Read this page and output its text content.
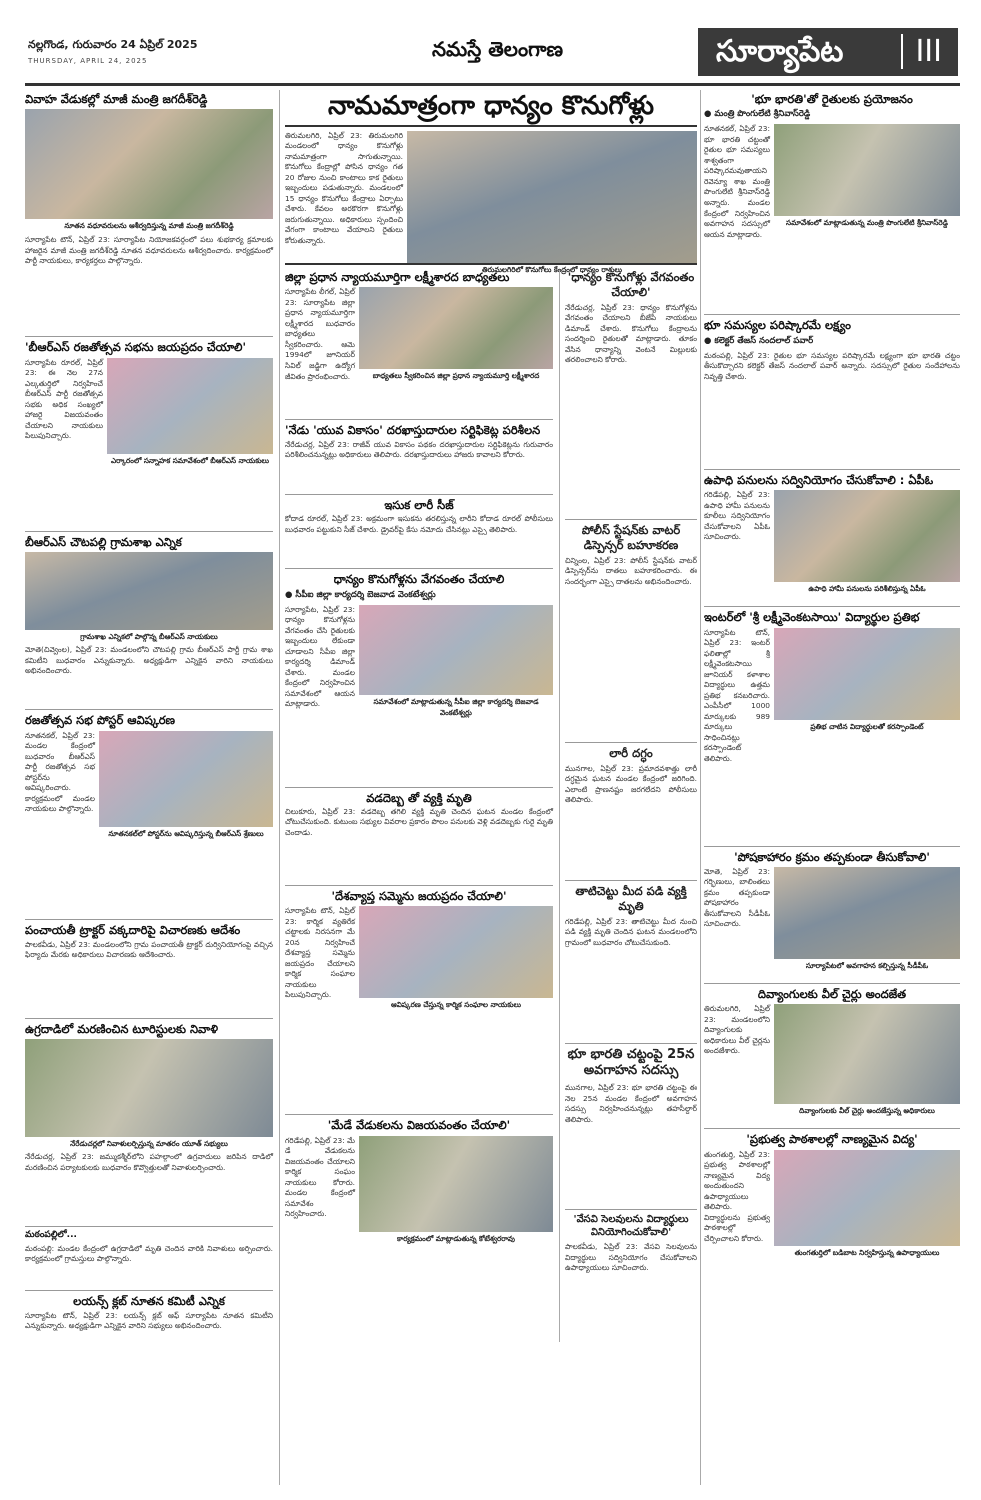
నల్లగొండ, గురువారం 24 ఏప్రిల్ 2025
THURSDAY, APRIL 24, 2025	నమస్తే తెలంగాణ	సూర్యాపేట	III
వివాహ వేడుకల్లో మాజీ మంత్రి జగదీశ్‌రెడ్డి
నూతన వధూవరులను ఆశీర్వదిస్తున్న మాజీ మంత్రి జగదీశ్‌రెడ్డి
సూర్యాపేట టౌన్, ఏప్రిల్ 23: సూర్యాపేట నియోజకవర్గంలో పలు శుభకార్య క్రమాలకు హాజరైన మాజీ మంత్రి జగదీశ్‌రెడ్డి నూతన వధూవరులను ఆశీర్వదించారు. కార్యక్రమంలో పార్టీ నాయకులు, కార్యకర్తలు పాల్గొన్నారు.
'బీఆర్‌ఎస్ రజతోత్సవ సభను జయప్రదం చేయాలి'
సూర్యాపేట రూరల్, ఏప్రిల్ 23: ఈ నెల 27న ఎల్కతుర్తిలో నిర్వహించే బీఆర్‌ఎస్ పార్టీ రజతోత్సవ సభకు అధిక సంఖ్యలో హాజరై విజయవంతం చేయాలని నాయకులు పిలుపునిచ్చారు.
ఎర్కారంలో సన్నాహక సమావేశంలో బీఆర్‌ఎస్ నాయకులు
బీఆర్‌ఎస్ చౌటపల్లి గ్రామశాఖ ఎన్నిక
గ్రామశాఖ ఎన్నికలో పాల్గొన్న బీఆర్‌ఎస్ నాయకులు
మోతె(చివ్వెంల), ఏప్రిల్ 23: మండలంలోని చౌటపల్లి గ్రామ బీఆర్‌ఎస్ పార్టీ గ్రామ శాఖ కమిటీని బుధవారం ఎన్నుకున్నారు. అధ్యక్షుడిగా ఎన్నికైన వారిని నాయకులు అభినందించారు.
రజతోత్సవ సభ పోస్టర్ ఆవిష్కరణ
నూతనకల్, ఏప్రిల్ 23: మండల కేంద్రంలో బుధవారం బీఆర్‌ఎస్ పార్టీ రజతోత్సవ సభ పోస్టర్‌ను ఆవిష్కరించారు. కార్యక్రమంలో మండల నాయకులు పాల్గొన్నారు.
నూతనకల్‌లో పోస్టర్‌ను ఆవిష్కరిస్తున్న బీఆర్‌ఎస్ శ్రేణులు
పంచాయతీ ట్రాక్టర్ వక్కదారిపై విచారణకు ఆదేశం
పాలకవీడు, ఏప్రిల్ 23: మండలంలోని గ్రామ పంచాయతీ ట్రాక్టర్ దుర్వినియోగంపై వచ్చిన ఫిర్యాదు మేరకు అధికారులు విచారణకు ఆదేశించారు.
ఉగ్రదాడిలో మరణించిన టూరిస్టులకు నివాళి
నేరేడుచర్లలో నివాళులర్పిస్తున్న మాతరం యూత్ సభ్యులు
నేరేడుచర్ల, ఏప్రిల్ 23: జమ్ముకశ్మీర్‌లోని పహల్గాంలో ఉగ్రవాదులు జరిపిన దాడిలో మరణించిన పర్యాటకులకు బుధవారం కొవ్వొత్తులతో నివాళులర్పించారు.
మఠంపల్లిలో...
మఠంపల్లి: మండల కేంద్రంలో ఉగ్రదాడిలో మృతి చెందిన వారికి నివాళులు అర్పించారు. కార్యక్రమంలో గ్రామస్తులు పాల్గొన్నారు.
లయన్స్ క్లబ్ నూతన కమిటీ ఎన్నిక
సూర్యాపేట టౌన్, ఏప్రిల్ 23: లయన్స్ క్లబ్ ఆఫ్ సూర్యాపేట నూతన కమిటీని ఎన్నుకున్నారు. అధ్యక్షుడిగా ఎన్నికైన వారిని సభ్యులు అభినందించారు.
నామమాత్రంగా ధాన్యం కొనుగోళ్లు
తిరుమలగిరి, ఏప్రిల్ 23: తిరుమలగిరి మండలంలో ధాన్యం కొనుగోళ్లు నామమాత్రంగా సాగుతున్నాయి. కొనుగోలు కేంద్రాల్లో పోసిన ధాన్యం గత 20 రోజుల నుంచి కాంటాలు కాక రైతులు ఇబ్బందులు పడుతున్నారు. మండలంలో 15 ధాన్యం కొనుగోలు కేంద్రాలు ఏర్పాటు చేశారు. కేవలం అరకొరగా కొనుగోళ్లు జరుగుతున్నాయి. అధికారులు స్పందించి వేగంగా కాంటాలు వేయాలని రైతులు కోరుతున్నారు.
తిరుమలగిరిలో కొనుగోలు కేంద్రంలో ధాన్యం రాశులు
జిల్లా ప్రధాన న్యాయమూర్తిగా లక్ష్మీశారద బాధ్యతలు
సూర్యాపేట లీగల్, ఏప్రిల్ 23: సూర్యాపేట జిల్లా ప్రధాన న్యాయమూర్తిగా లక్ష్మీశారద బుధవారం బాధ్యతలు స్వీకరించారు. ఆమె 1994లో జూనియర్ సివిల్ జడ్జిగా ఉద్యోగ జీవితం ప్రారంభించారు.	బాధ్యతలు స్వీకరించిన జిల్లా ప్రధాన న్యాయమూర్తి లక్ష్మీశారద
'నేడు 'యువ వికాసం' దరఖాస్తుదారుల సర్టిఫికెట్ల పరిశీలన
నేరేడుచర్ల, ఏప్రిల్ 23: రాజీవ్ యువ వికాసం పథకం దరఖాస్తుదారుల సర్టిఫికెట్లను గురువారం పరిశీలించనున్నట్లు అధికారులు తెలిపారు. దరఖాస్తుదారులు హాజరు కావాలని కోరారు.
ఇసుక లారీ సీజ్
కోదాడ రూరల్, ఏప్రిల్ 23: అక్రమంగా ఇసుకను తరలిస్తున్న లారీని కోదాడ రూరల్ పోలీసులు బుధవారం పట్టుకుని సీజ్ చేశారు. డ్రైవర్‌పై కేసు నమోదు చేసినట్లు ఎస్సై తెలిపారు.
ధాన్యం కొనుగోళ్లను వేగవంతం చేయాలి
● సీపీఐ జిల్లా కార్యదర్శి బెజవాడ వెంకటేశ్వర్లు
సూర్యాపేట, ఏప్రిల్ 23: ధాన్యం కొనుగోళ్లను వేగవంతం చేసి రైతులకు ఇబ్బందులు లేకుండా చూడాలని సీపీఐ జిల్లా కార్యదర్శి డిమాండ్ చేశారు. మండల కేంద్రంలో నిర్వహించిన సమావేశంలో ఆయన మాట్లాడారు.	సమావేశంలో మాట్లాడుతున్న సీపీఐ జిల్లా కార్యదర్శి బెజవాడ వెంకటేశ్వర్లు
వడదెబ్బ తో వ్యక్తి మృతి
చిలుకూరు, ఏప్రిల్ 23: వడదెబ్బ తగిలి వ్యక్తి మృతి చెందిన ఘటన మండల కేంద్రంలో చోటుచేసుకుంది. కుటుంబ సభ్యుల వివరాల ప్రకారం పొలం పనులకు వెళ్లి వడదెబ్బకు గురై మృతి చెందాడు.
'దేశవ్యాప్త సమ్మెను జయప్రదం చేయాలి'
సూర్యాపేట టౌన్, ఏప్రిల్ 23: కార్మిక వ్యతిరేక చట్టాలకు నిరసనగా మే 20న నిర్వహించే దేశవ్యాప్త సమ్మెను జయప్రదం చేయాలని కార్మిక సంఘాల నాయకులు పిలుపునిచ్చారు.
ఆవిష్కరణ చేస్తున్న కార్మిక సంఘాల నాయకులు
'మేడే వేడుకలను విజయవంతం చేయాలి'
గరిడేపల్లి, ఏప్రిల్ 23: మే డే వేడుకలను విజయవంతం చేయాలని కార్మిక సంఘం నాయకులు కోరారు. మండల కేంద్రంలో సమావేశం నిర్వహించారు.
కార్యక్రమంలో మాట్లాడుతున్న కోటేశ్వరరావు
'ధాన్యం కొనుగోళ్లు వేగవంతం చేయాలి'
నేరేడుచర్ల, ఏప్రిల్ 23: ధాన్యం కొనుగోళ్లను వేగవంతం చేయాలని బీజేపీ నాయకులు డిమాండ్ చేశారు. కొనుగోలు కేంద్రాలను సందర్శించి రైతులతో మాట్లాడారు. తూకం వేసిన ధాన్యాన్ని వెంటనే మిల్లులకు తరలించాలని కోరారు.
పోలీస్ స్టేషన్‌కు వాటర్ డిస్పెన్సర్ బహూకరణ
చిన్నింల, ఏప్రిల్ 23: పోలీస్ స్టేషన్‌కు వాటర్ డిస్పెన్సర్‌ను దాతలు బహూకరించారు. ఈ సందర్భంగా ఎస్సై దాతలను అభినందించారు.
లారీ దగ్ధం
మునగాల, ఏప్రిల్ 23: ప్రమాదవశాత్తు లారీ దగ్ధమైన ఘటన మండల కేంద్రంలో జరిగింది. ఎలాంటి ప్రాణనష్టం జరగలేదని పోలీసులు తెలిపారు.
తాటిచెట్టు మీద పడి వ్యక్తి మృతి
గరిడేపల్లి, ఏప్రిల్ 23: తాటిచెట్టు మీద నుంచి పడి వ్యక్తి మృతి చెందిన ఘటన మండలంలోని గ్రామంలో బుధవారం చోటుచేసుకుంది.
భూ భారతి చట్టంపై 25న అవగాహన సదస్సు
మునగాల, ఏప్రిల్ 23: భూ భారతి చట్టంపై ఈ నెల 25న మండల కేంద్రంలో అవగాహన సదస్సు నిర్వహించనున్నట్లు తహసీల్దార్ తెలిపారు.
'వేసవి సెలవులను విద్యార్థులు వినియోగించుకోవాలి'
పాలకవీడు, ఏప్రిల్ 23: వేసవి సెలవులను విద్యార్థులు సద్వినియోగం చేసుకోవాలని ఉపాధ్యాయులు సూచించారు.
'భూ భారతి'తో రైతులకు ప్రయోజనం
● మంత్రి పొంగులేటి శ్రీనివాస్‌రెడ్డి
నూతనకల్, ఏప్రిల్ 23: భూ భారతి చట్టంతో రైతుల భూ సమస్యలు శాశ్వతంగా పరిష్కారమవుతాయని రెవెన్యూ శాఖ మంత్రి పొంగులేటి శ్రీనివాస్‌రెడ్డి అన్నారు. మండల కేంద్రంలో నిర్వహించిన అవగాహన సదస్సులో ఆయన మాట్లాడారు.
సమావేశంలో మాట్లాడుతున్న మంత్రి పొంగులేటి శ్రీనివాస్‌రెడ్డి
భూ సమస్యల పరిష్కారమే లక్ష్యం
● కలెక్టర్ తేజస్ నందలాల్ పవార్
మఠంపల్లి, ఏప్రిల్ 23: రైతుల భూ సమస్యల పరిష్కారమే లక్ష్యంగా భూ భారతి చట్టం తీసుకొచ్చారని కలెక్టర్ తేజస్ నందలాల్ పవార్ అన్నారు. సదస్సులో రైతుల సందేహాలను నివృత్తి చేశారు.
ఉపాధి పనులను సద్వినియోగం చేసుకోవాలి : ఏపీఓ
గరిడేపల్లి, ఏప్రిల్ 23: ఉపాధి హామీ పనులను కూలీలు సద్వినియోగం చేసుకోవాలని ఏపీఓ సూచించారు.
ఉపాధి హామీ పనులను పరిశీలిస్తున్న ఏపీఓ
ఇంటర్‌లో 'శ్రీ లక్ష్మీవెంకటసాయి' విద్యార్థుల ప్రతిభ
సూర్యాపేట టౌన్, ఏప్రిల్ 23: ఇంటర్ ఫలితాల్లో శ్రీ లక్ష్మీవెంకటసాయి జూనియర్ కళాశాల విద్యార్థులు ఉత్తమ ప్రతిభ కనబరిచారు. ఎంపీసీలో 1000 మార్కులకు 989 మార్కులు సాధించినట్లు కరస్పాండెంట్ తెలిపారు.
ప్రతిభ చాటిన విద్యార్థులతో కరస్పాండెంట్
'పోషకాహారం క్రమం తప్పకుండా తీసుకోవాలి'
మోతె, ఏప్రిల్ 23: గర్భిణులు, బాలింతలు క్రమం తప్పకుండా పోషకాహారం తీసుకోవాలని సీడీపీఓ సూచించారు.
సూర్యాపేటలో అవగాహన కల్పిస్తున్న సీడీపీఓ
దివ్యాంగులకు వీల్ చైర్లు అందజేత
తిరుమలగిరి, ఏప్రిల్ 23: మండలంలోని దివ్యాంగులకు అధికారులు వీల్ చైర్లను అందజేశారు.
దివ్యాంగులకు వీల్ చైర్లు అందజేస్తున్న అధికారులు
'ప్రభుత్వ పాఠశాలల్లో నాణ్యమైన విద్య'
తుంగతుర్తి, ఏప్రిల్ 23: ప్రభుత్వ పాఠశాలల్లో నాణ్యమైన విద్య అందుతుందని ఉపాధ్యాయులు తెలిపారు. విద్యార్థులను ప్రభుత్వ పాఠశాలల్లో చేర్పించాలని కోరారు.
తుంగతుర్తిలో బడిబాట నిర్వహిస్తున్న ఉపాధ్యాయులు
